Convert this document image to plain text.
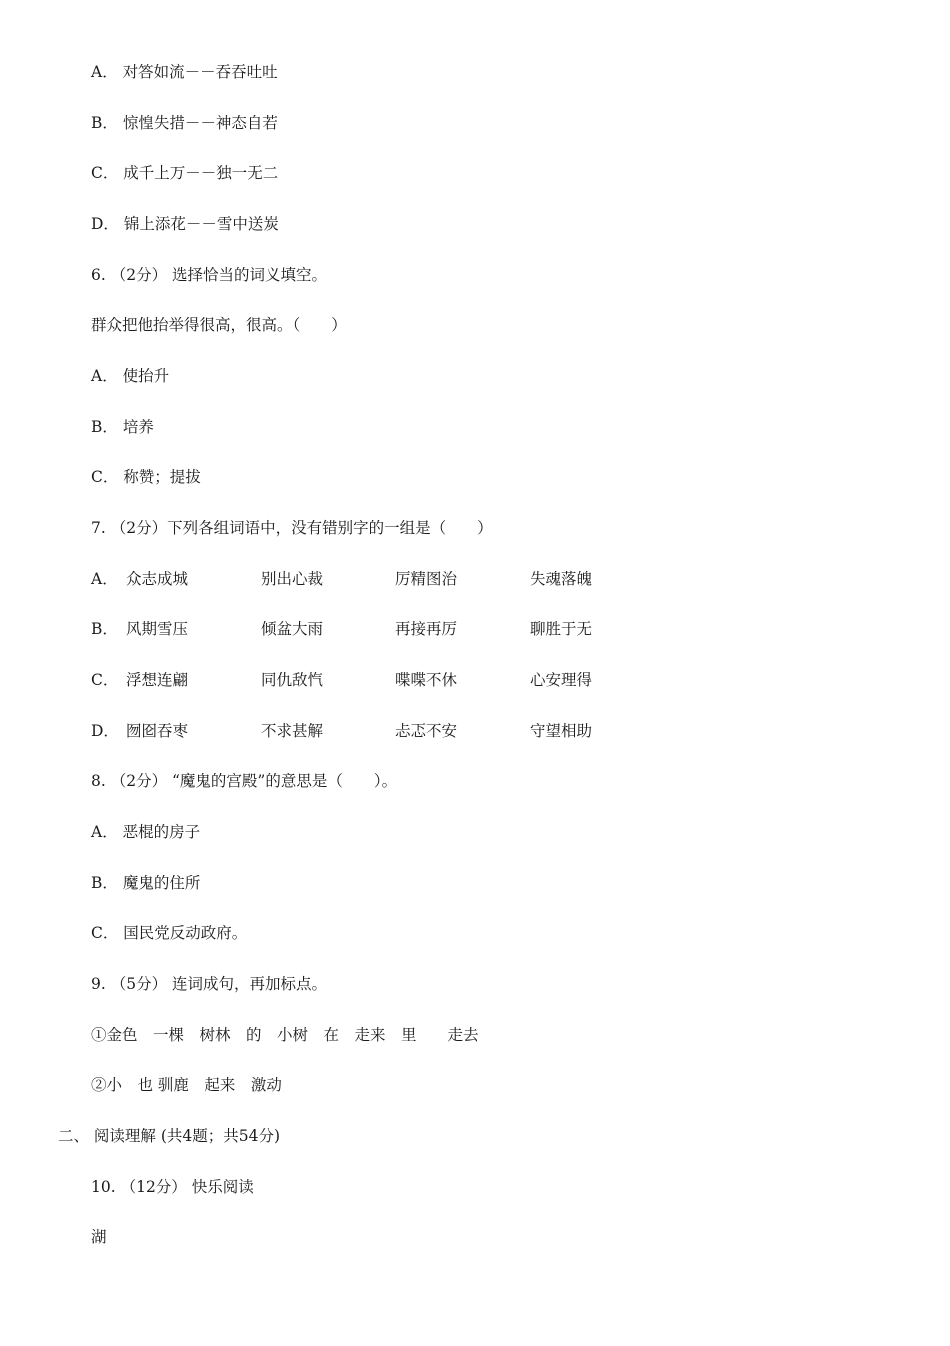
A． 对答如流－－吞吞吐吐
B． 惊惶失措－－神态自若
C． 成千上万－－独一无二
D． 锦上添花－－雪中送炭
6. （2分） 选择恰当的词义填空。
群众把他抬举得很高，很高。（　　）
A． 使抬升
B． 培养
C． 称赞；提拔
7. （2分）下列各组词语中，没有错别字的一组是（　　）
A． 众志成城	别出心裁	厉精图治	失魂落魄
B． 风期雪压	倾盆大雨	再接再厉	聊胜于无
C． 浮想连翩	同仇敌忾	喋喋不休	心安理得
D． 囫囵吞枣	不求甚解	忐忑不安	守望相助
8. （2分） “魔鬼的宫殿”的意思是（　　）。
A． 恶棍的房子
B． 魔鬼的住所
C． 国民党反动政府。
9. （5分） 连词成句，再加标点。
①金色　一棵　树林　的　小树　在　走来　里　　走去
②小　也 驯鹿　起来　激动
二、 阅读理解 (共4题；共54分)
10. （12分） 快乐阅读
湖
